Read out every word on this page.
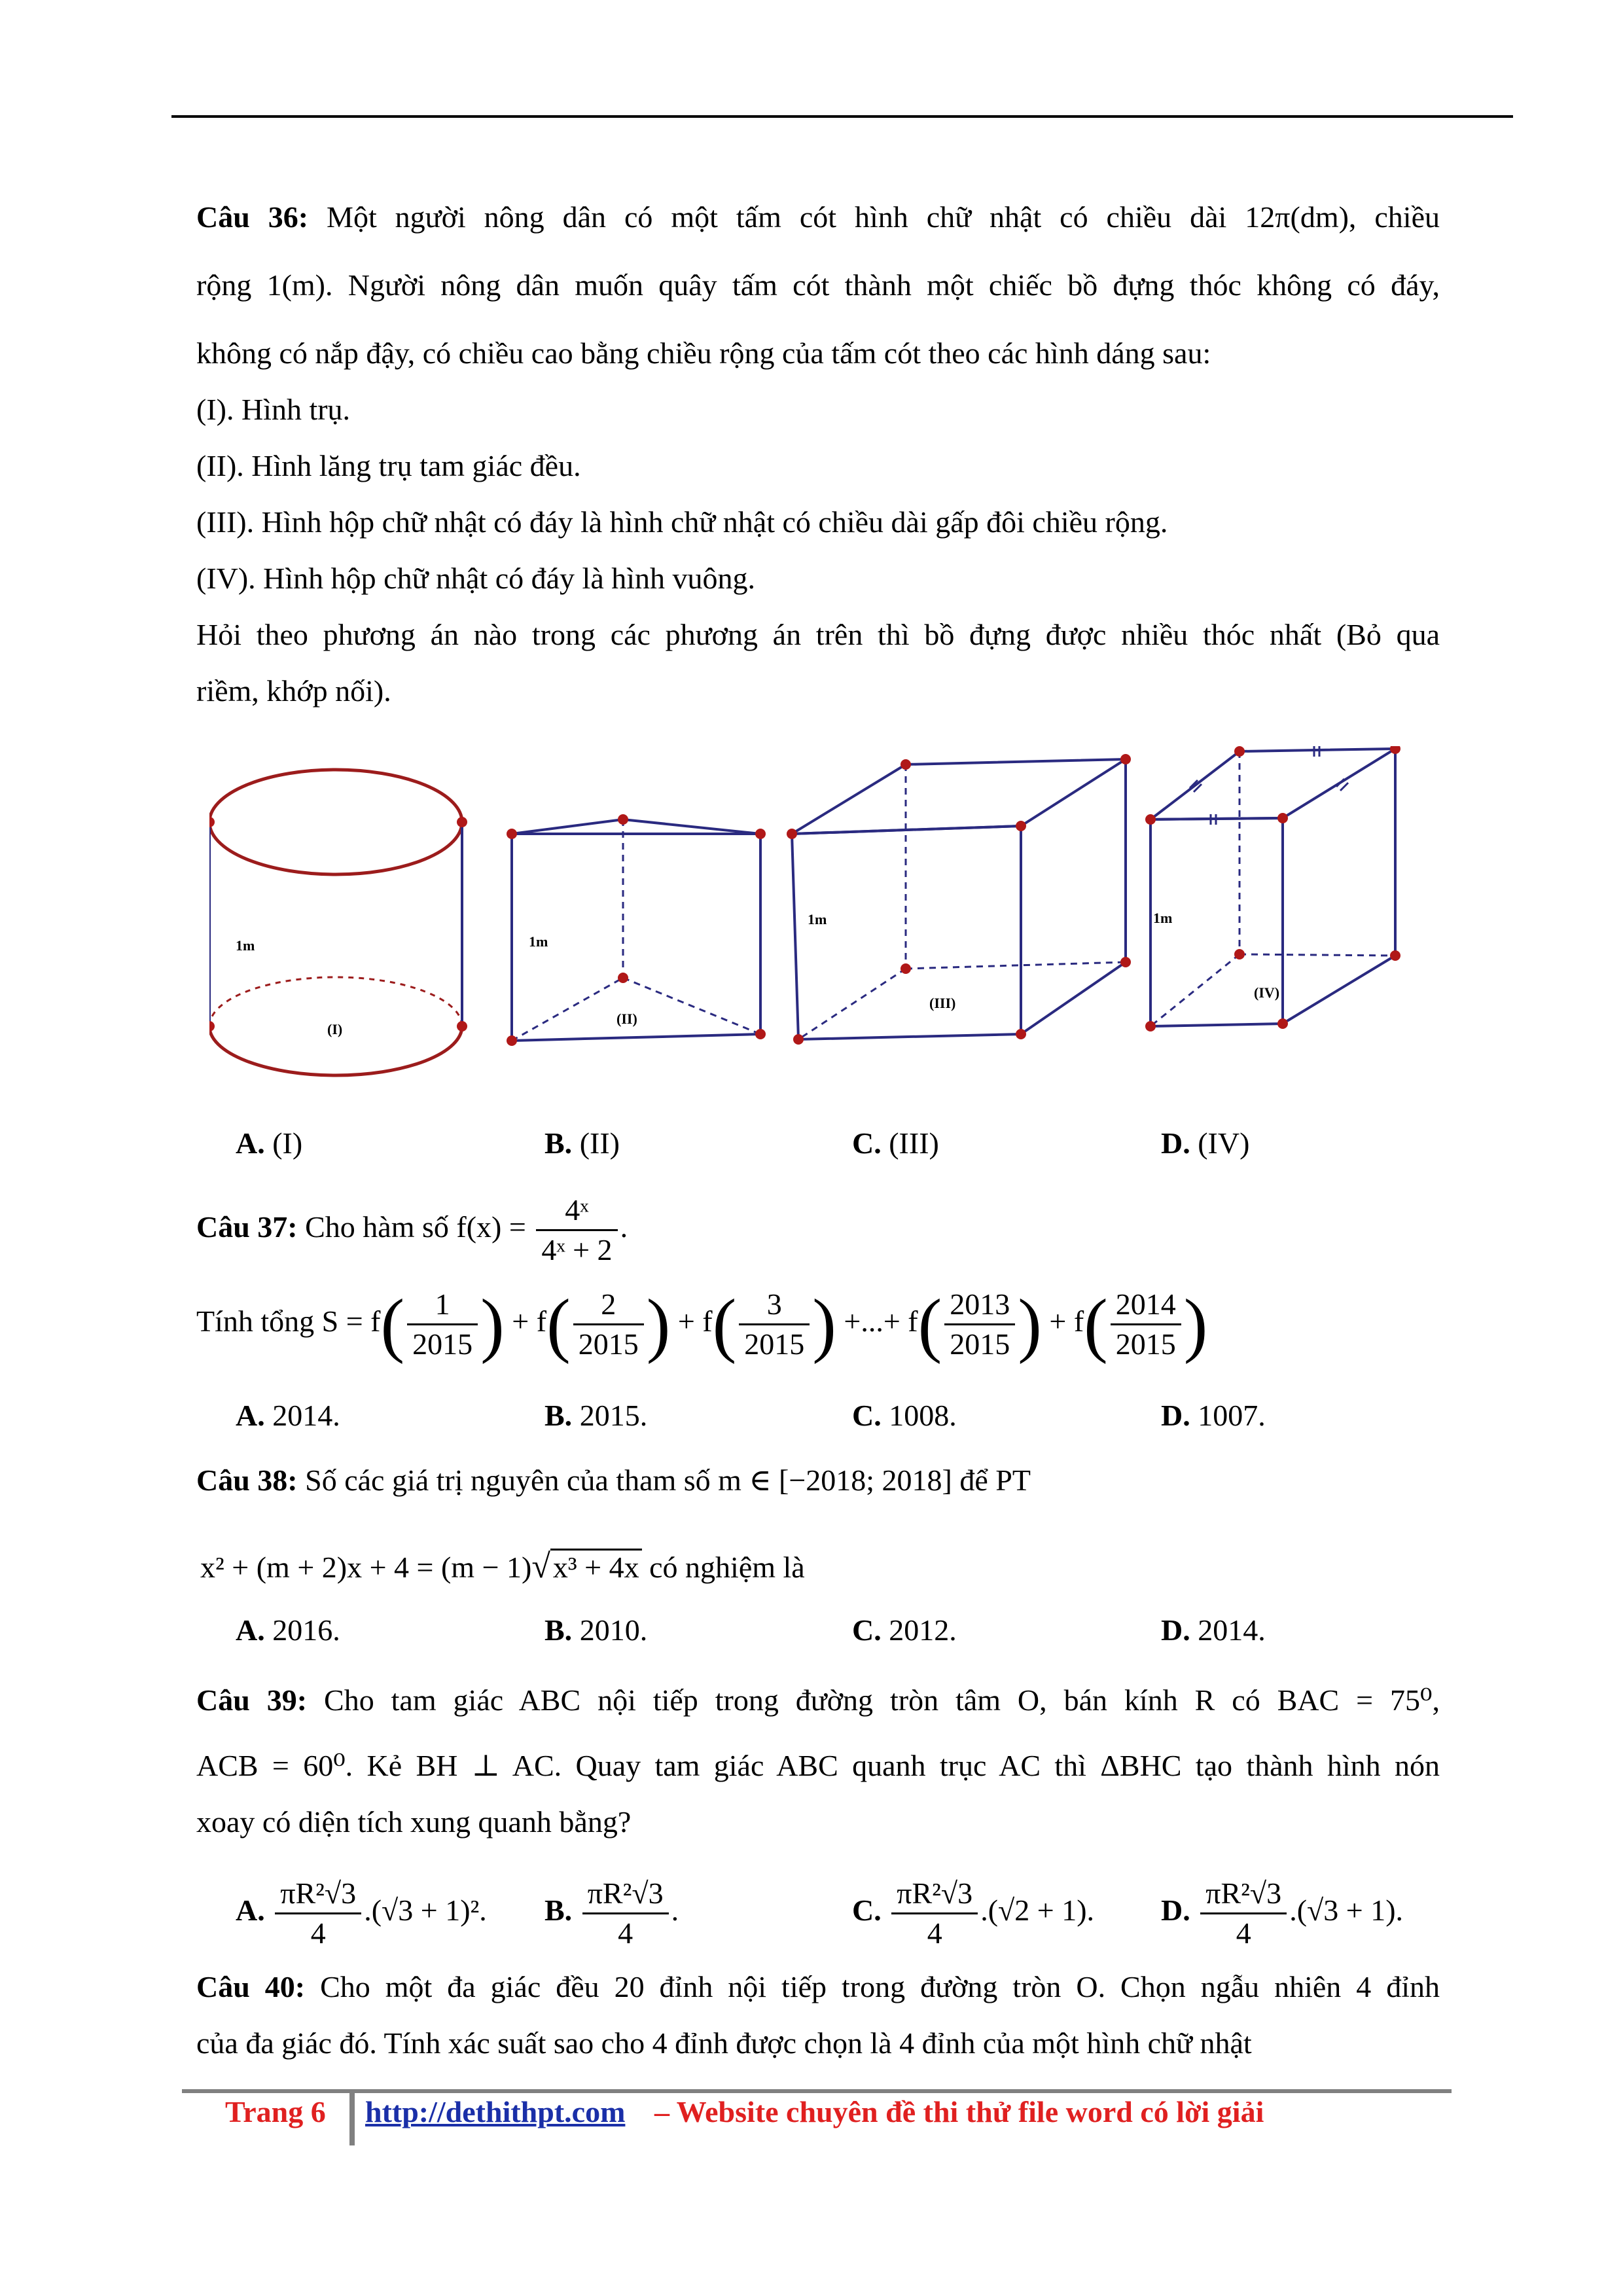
Câu 36: Một người nông dân có một tấm cót hình chữ nhật có chiều dài 12π(dm), chiều
rộng 1(m). Người nông dân muốn quây tấm cót thành một chiếc bồ đựng thóc không có đáy,
không có nắp đậy, có chiều cao bằng chiều rộng của tấm cót theo các hình dáng sau:
(I). Hình trụ.
(II). Hình lăng trụ tam giác đều.
(III). Hình hộp chữ nhật có đáy là hình chữ nhật có chiều dài gấp đôi chiều rộng.
(IV). Hình hộp chữ nhật có đáy là hình vuông.
Hỏi theo phương án nào trong các phương án trên thì bồ đựng được nhiều thóc nhất (Bỏ qua
riềm, khớp nối).
1m
(I)
1m
(II)
1m
(III)
1m
(IV)
A. (I)	B. (II)	C. (III)	D. (IV)
Câu 37: Cho hàm số $f(x) = \frac{\text{4ˣ}}{\text{4ˣ + 2}}$ .
Tính tổng $S = f( \frac{1}{2015}$ ) + $f( \frac{2}{2015}$ ) + $f( \frac{3}{2015}$ ) +...+ $f( \frac{2013}{2015}$ ) + $f( \frac{2014}{2015}$ )
A. 2014.	B. 2015.	C. 1008.	D. 1007.
Câu 38: Số các giá trị nguyên của tham số m ∈ [−2018; 2018] để PT
x² + (m + 2)x + 4 = (m − 1)√x³ + 4x có nghiệm là
A. 2016.	B. 2010.	C. 2012.	D. 2014.
Câu 39: Cho tam giác ABC nội tiếp trong đường tròn tâm O, bán kính R có BAC = 75⁰,
ACB = 60⁰. Kẻ BH ⊥ AC. Quay tam giác ABC quanh trục AC thì ΔBHC tạo thành hình nón
xoay có diện tích xung quanh bằng?
A. $\frac{\text{πR²√3}}{4} .(√3 + 1)^2$. B. $\frac{\text{πR²√3}}{4}$ .	C. $\frac{\text{πR²√3}}{4} .(√2 + 1)$. D. $\frac{\text{πR²√3}}{4} .(√3 + 1)$.
Câu 40: Cho một đa giác đều 20 đỉnh nội tiếp trong đường tròn O. Chọn ngẫu nhiên 4 đỉnh
của đa giác đó. Tính xác suất sao cho 4 đỉnh được chọn là 4 đỉnh của một hình chữ nhật
Trang 6 http://dethithpt.com – Website chuyên đề thi thử file word có lời giải
